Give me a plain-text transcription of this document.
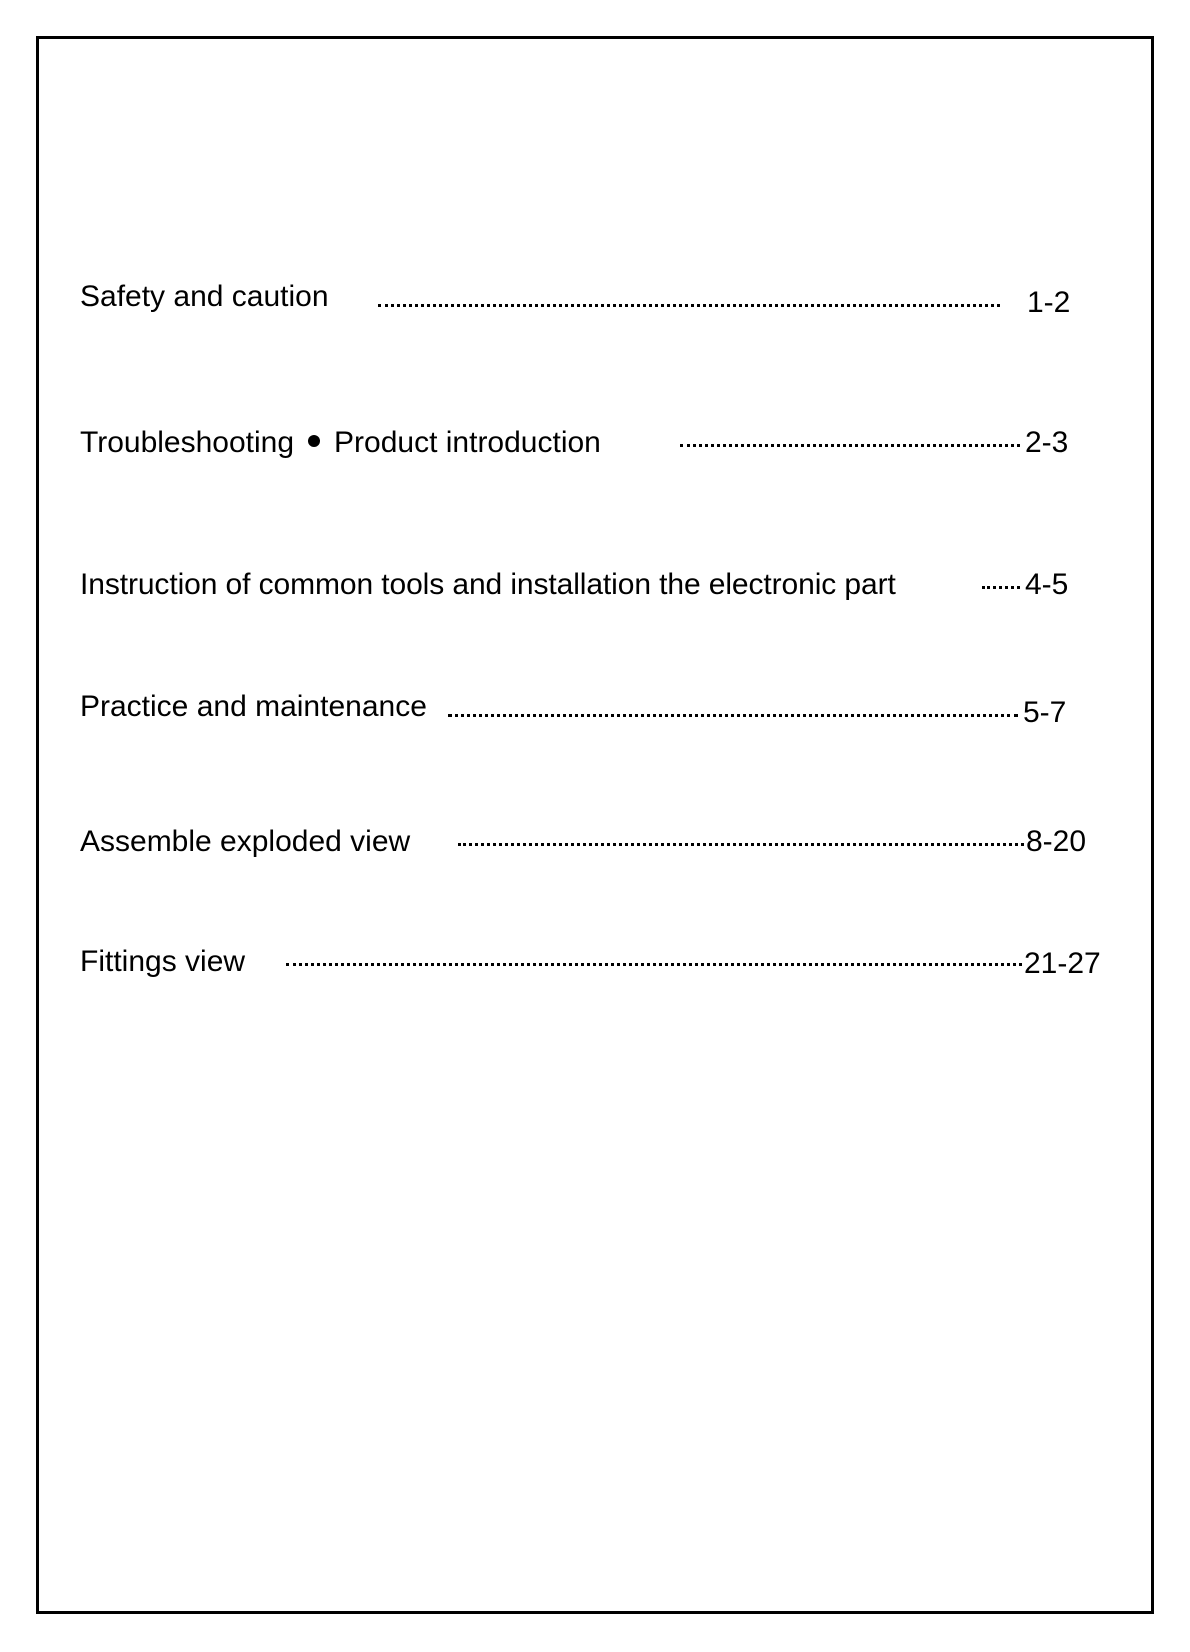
Safety and caution	1-2
Troubleshooting Product introduction	2-3
Instruction of common tools and installation the electronic part	4-5
Practice and maintenance	5-7
Assemble exploded view	8-20
Fittings view	21-27
